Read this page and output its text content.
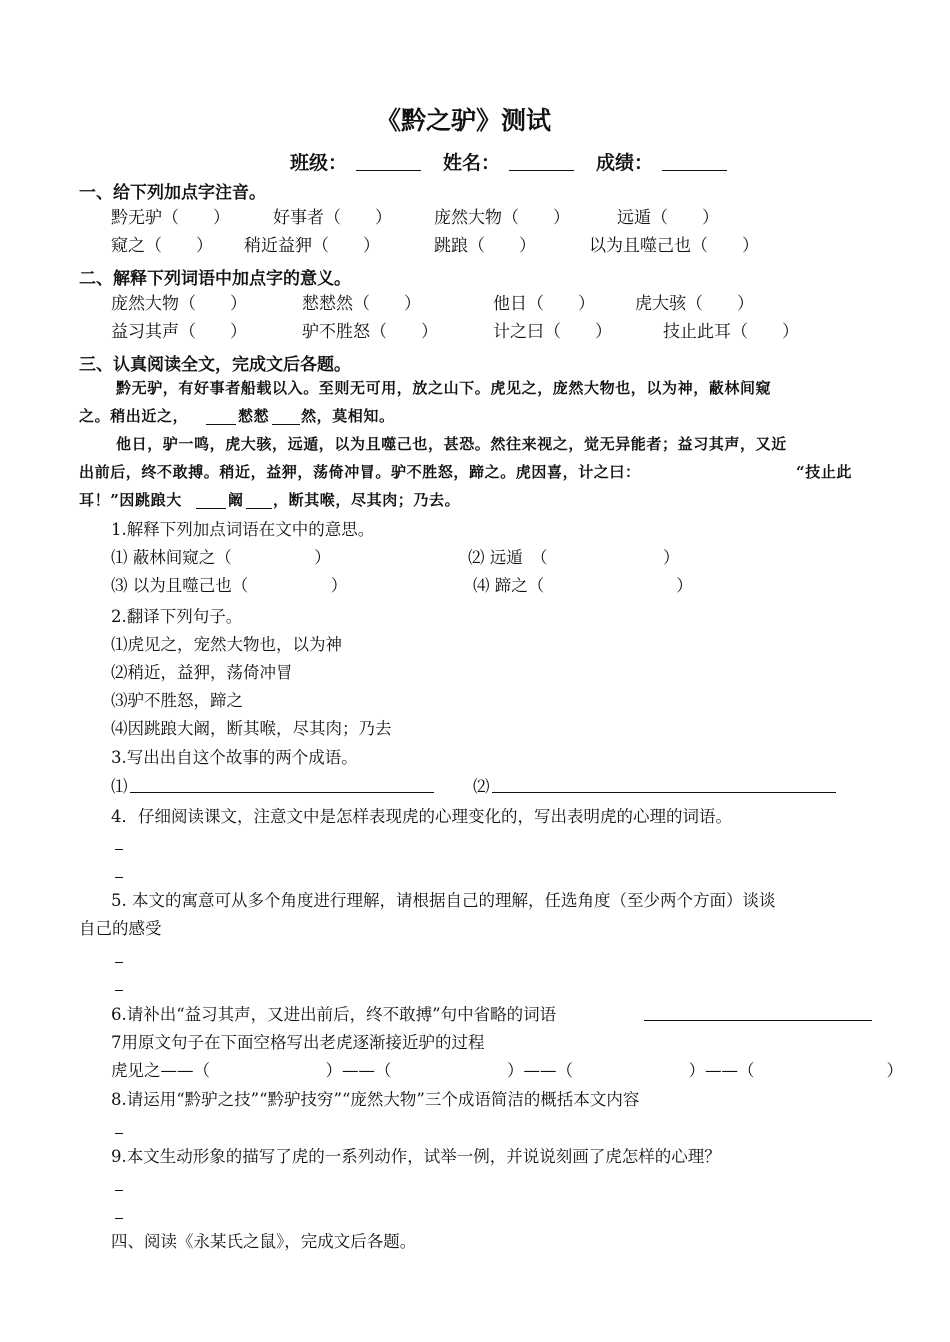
《黔之驴》测试
班级：	姓名：	成绩：
一、给下列加点字注音。
黔无驴（　　）	好事者（　　） 庞然大物（　　）	远遁（　　）
窥之（　　） 稍近益狎（　　）	跳踉（　　）	以为且噬己也（　　）
二、解释下列词语中加点字的意义。
庞然大物（　　）	憖憖然（　　）	他日（　　） 虎大骇（　　）
益习其声（　　）	驴不胜怒（　　）	计之曰（　　）	技止此耳（　　）
三、认真阅读全文，完成文后各题。
黔无驴，有好事者船载以入。至则无可用，放之山下。虎见之，庞然大物也，以为神，蔽林间窥
之。稍出近之，	憖憖 然，莫相知。
他日，驴一鸣，虎大骇，远遁，以为且噬己也，甚恐。然往来视之，觉无异能者；益习其声，又近
出前后，终不敢搏。稍近，益狎，荡倚冲冒。驴不胜怒，蹄之。虎因喜，计之曰：	“技止此
耳！”因跳踉大	阚 ，断其喉，尽其肉；乃去。
1.解释下列加点词语在文中的意思。
⑴ 蔽林间窥之（　　　　　）	⑵ 远遁　（　　　　　　　）
⑶ 以为且噬己也（　　　　　）	⑷ 蹄之（　　　　　　　　）
2.翻译下列句子。
⑴虎见之，宠然大物也，以为神
⑵稍近，益狎，荡倚冲冒
⑶驴不胜怒，蹄之
⑷因跳踉大阚，断其喉，尽其肉；乃去
3.写出出自这个故事的两个成语。
⑴	⑵
4．仔细阅读课文，注意文中是怎样表现虎的心理变化的，写出表明虎的心理的词语。
5. 本文的寓意可从多个角度进行理解，请根据自己的理解，任选角度（至少两个方面）谈谈
自己的感受
6.请补出“益习其声，又进出前后，终不敢搏”句中省略的词语
7用原文句子在下面空格写出老虎逐渐接近驴的过程
虎见之——（　　　　　　　）——（　　　　　　　）——（　　　　　　　）——（　　　　　　　　）
8.请运用“黔驴之技”“黔驴技穷”“庞然大物”三个成语简洁的概括本文内容
9.本文生动形象的描写了虎的一系列动作，试举一例，并说说刻画了虎怎样的心理？
四、阅读《永某氏之鼠》，完成文后各题。
